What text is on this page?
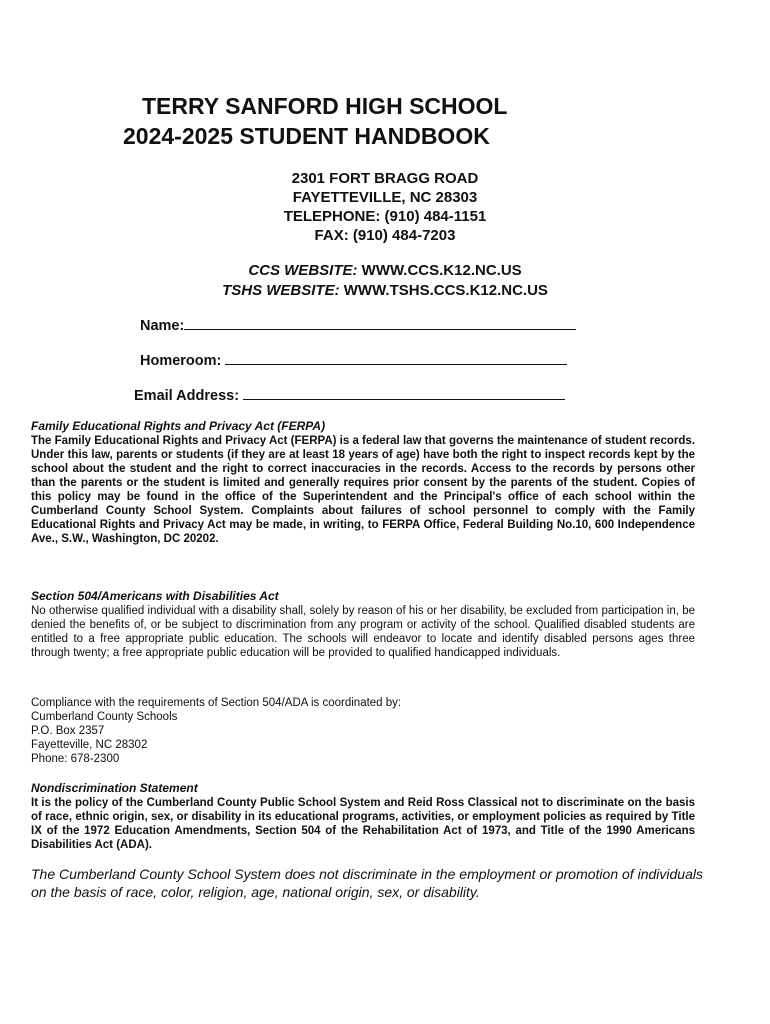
TERRY SANFORD HIGH SCHOOL
2024-2025 STUDENT HANDBOOK
2301 FORT BRAGG ROAD
FAYETTEVILLE, NC 28303
TELEPHONE: (910) 484-1151
FAX: (910) 484-7203
CCS WEBSITE: WWW.CCS.K12.NC.US
TSHS WEBSITE: WWW.TSHS.CCS.K12.NC.US
Name:
Homeroom:
Email Address:
Family Educational Rights and Privacy Act (FERPA)
The Family Educational Rights and Privacy Act (FERPA) is a federal law that governs the maintenance of student records. Under this law, parents or students (if they are at least 18 years of age) have both the right to inspect records kept by the school about the student and the right to correct inaccuracies in the records. Access to the records by persons other than the parents or the student is limited and generally requires prior consent by the parents of the student. Copies of this policy may be found in the office of the Superintendent and the Principal's office of each school within the Cumberland County School System. Complaints about failures of school personnel to comply with the Family Educational Rights and Privacy Act may be made, in writing, to FERPA Office, Federal Building No.10, 600 Independence Ave., S.W., Washington, DC 20202.
Section 504/Americans with Disabilities Act
No otherwise qualified individual with a disability shall, solely by reason of his or her disability, be excluded from participation in, be denied the benefits of, or be subject to discrimination from any program or activity of the school. Qualified disabled students are entitled to a free appropriate public education. The schools will endeavor to locate and identify disabled persons ages three through twenty; a free appropriate public education will be provided to qualified handicapped individuals.
Compliance with the requirements of Section 504/ADA is coordinated by:
Cumberland County Schools
P.O. Box 2357
Fayetteville, NC 28302
Phone: 678-2300
Nondiscrimination Statement
It is the policy of the Cumberland County Public School System and Reid Ross Classical not to discriminate on the basis of race, ethnic origin, sex, or disability in its educational programs, activities, or employment policies as required by Title IX of the 1972 Education Amendments, Section 504 of the Rehabilitation Act of 1973, and Title of the 1990 Americans Disabilities Act (ADA).
The Cumberland County School System does not discriminate in the employment or promotion of individuals on the basis of race, color, religion, age, national origin, sex, or disability.
